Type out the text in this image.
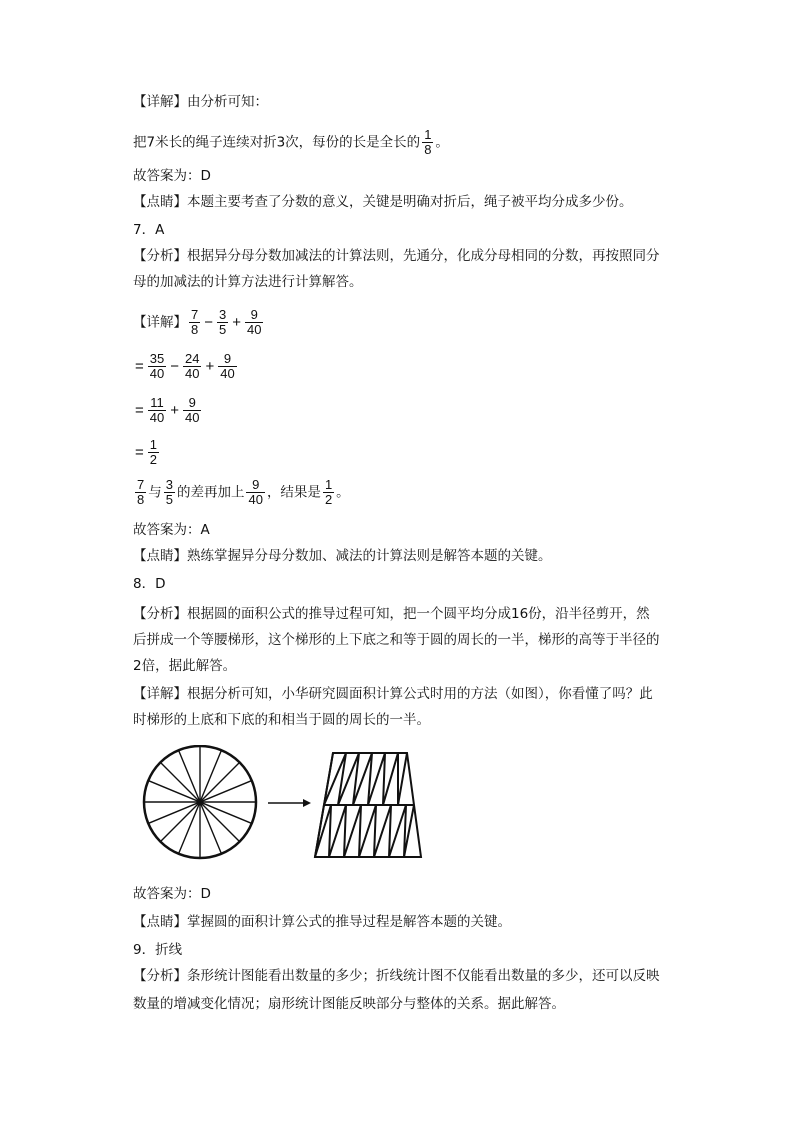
【详解】由分析可知：
把7米长的绳子连续对折3次，每份的长是全长的 $\frac{1}{8}$ 。
故答案为：D
【点睛】本题主要考查了分数的意义，关键是明确对折后，绳子被平均分成多少份。
7．A
【分析】根据异分母分数加减法的计算法则，先通分，化成分母相同的分数，再按照同分
母的加减法的计算方法进行计算解答。
【详解】 $\frac{7}{8} - \frac{3}{5} + \frac{9}{40}$
= $\frac{35}{40} - \frac{24}{40} + \frac{9}{40}$
= $\frac{11}{40} + \frac{9}{40}$
= $\frac{1}{2}$
$\frac{7}{8}$ 与 $\frac{3}{5}$ 的差再加上 $\frac{9}{40}$ ，结果是 $\frac{1}{2}$ 。
故答案为：A
【点睛】熟练掌握异分母分数加、减法的计算法则是解答本题的关键。
8．D
【分析】根据圆的面积公式的推导过程可知，把一个圆平均分成16份，沿半径剪开，然
后拼成一个等腰梯形，这个梯形的上下底之和等于圆的周长的一半，梯形的高等于半径的
2倍，据此解答。
【详解】根据分析可知，小华研究圆面积计算公式时用的方法（如图），你看懂了吗？此
时梯形的上底和下底的和相当于圆的周长的一半。
故答案为：D
【点睛】掌握圆的面积计算公式的推导过程是解答本题的关键。
9．折线
【分析】条形统计图能看出数量的多少；折线统计图不仅能看出数量的多少，还可以反映
数量的增减变化情况；扇形统计图能反映部分与整体的关系。据此解答。
